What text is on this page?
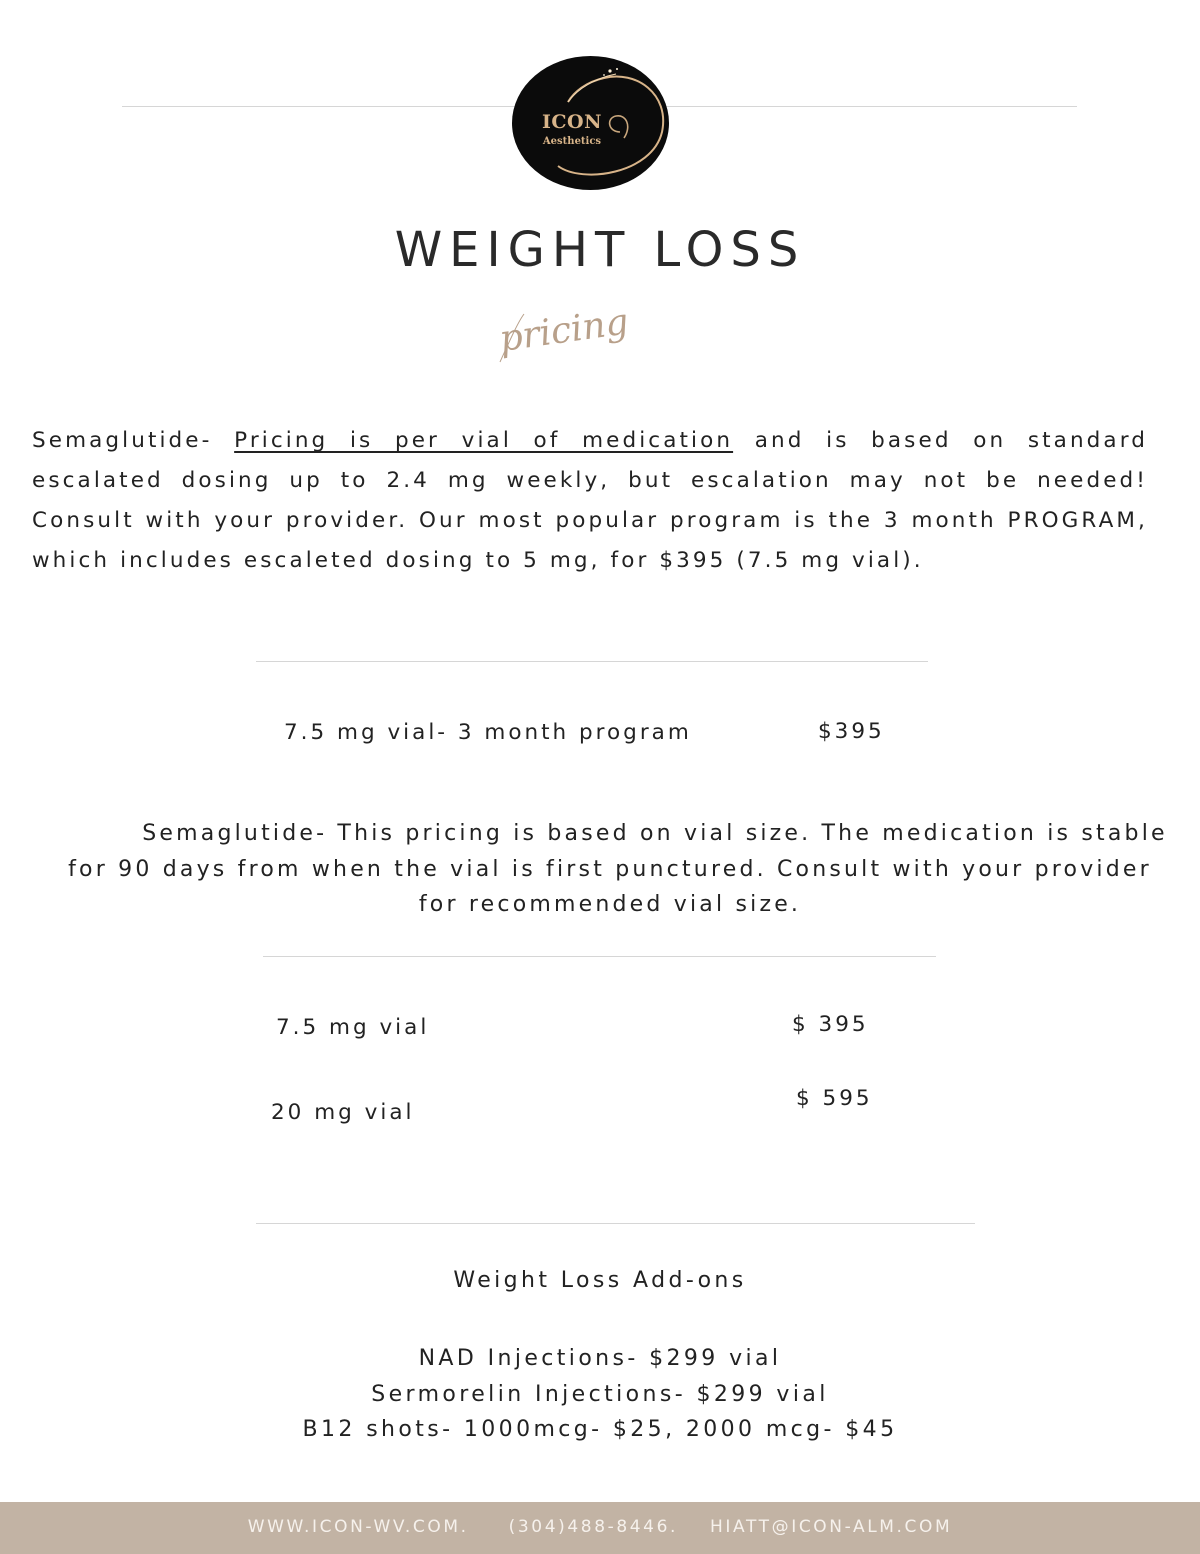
ICON
Aesthetics
WEIGHT LOSS
pricing

Semaglutide- Pricing is per vial of medication and is based on standard escalated dosing up to 2.4 mg weekly, but escalation may not be needed! Consult with your provider. Our most popular program is the 3 month PROGRAM, which includes escaleted dosing to 5 mg, for $395 (7.5 mg vial).

7.5 mg vial- 3 month program	$395
Semaglutide- This pricing is based on vial size. The medication is stable
for 90 days from when the vial is first punctured. Consult with your provider
for recommended vial size.
7.5 mg vial	$ 395
20 mg vial
$ 595
Weight Loss Add-ons
NAD Injections- $299 vial
Sermorelin Injections- $299 vial
B12 shots- 1000mcg- $25, 2000 mcg- $45
WWW.ICON-WV.COM. (304)488-8446. HIATT@ICON-ALM.COM
